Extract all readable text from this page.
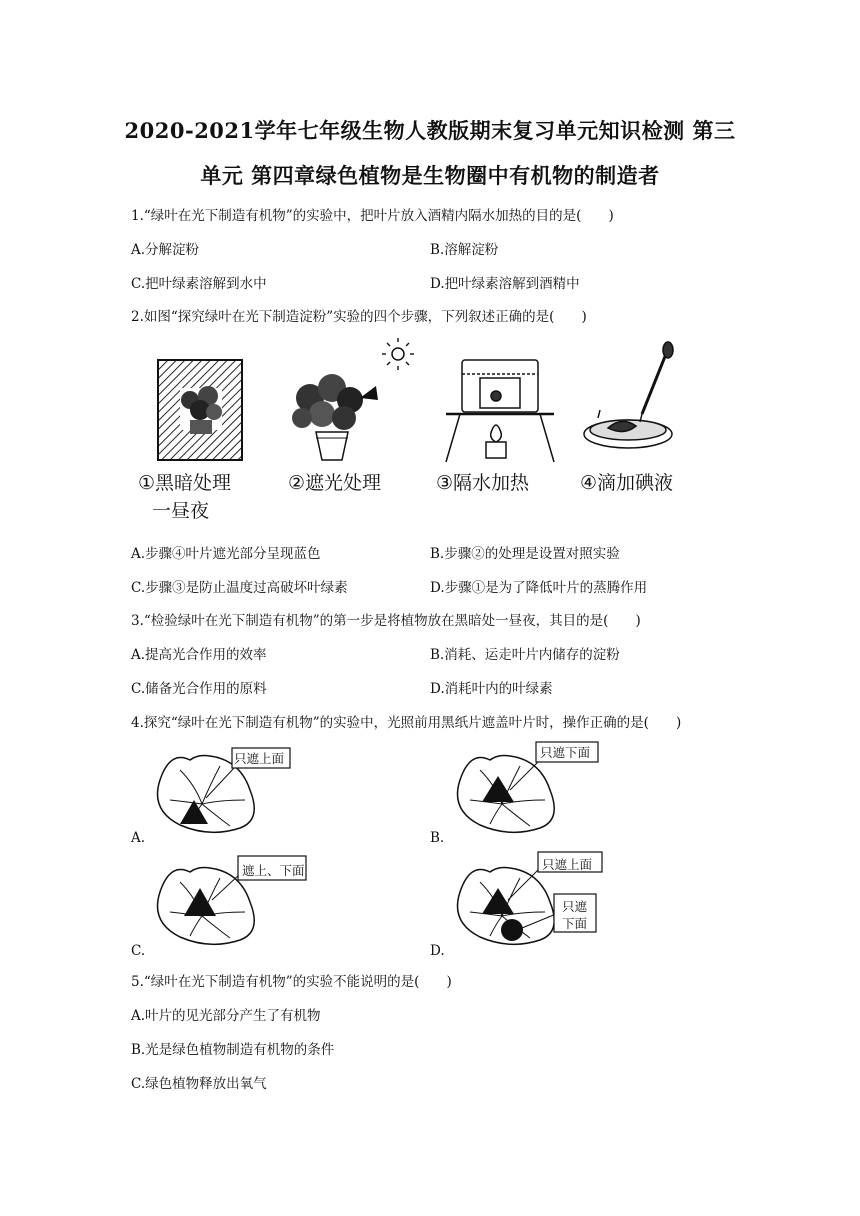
2020-2021学年七年级生物人教版期末复习单元知识检测 第三
单元 第四章绿色植物是生物圈中有机物的制造者
1.“绿叶在光下制造有机物”的实验中，把叶片放入酒精内隔水加热的目的是(　　)
A.分解淀粉	B.溶解淀粉
C.把叶绿素溶解到水中	D.把叶绿素溶解到酒精中
2.如图“探究绿叶在光下制造淀粉”实验的四个步骤，下列叙述正确的是(　　)
①黑暗处理
一昼夜
②遮光处理	③隔水加热	④滴加碘液
A.步骤④叶片遮光部分呈现蓝色	B.步骤②的处理是设置对照实验
C.步骤③是防止温度过高破坏叶绿素	D.步骤①是为了降低叶片的蒸腾作用
3.“检验绿叶在光下制造有机物”的第一步是将植物放在黑暗处一昼夜，其目的是(　　)
A.提高光合作用的效率	B.消耗、运走叶片内储存的淀粉
C.储备光合作用的原料	D.消耗叶内的叶绿素
4.探究“绿叶在光下制造有机物”的实验中，光照前用黑纸片遮盖叶片时，操作正确的是(　　)
只遮上面
A.
只遮下面
B.
遮上、下面
C.
只遮上面
只遮
下面
D.
5.“绿叶在光下制造有机物”的实验不能说明的是(　　)
A.叶片的见光部分产生了有机物
B.光是绿色植物制造有机物的条件
C.绿色植物释放出氧气
